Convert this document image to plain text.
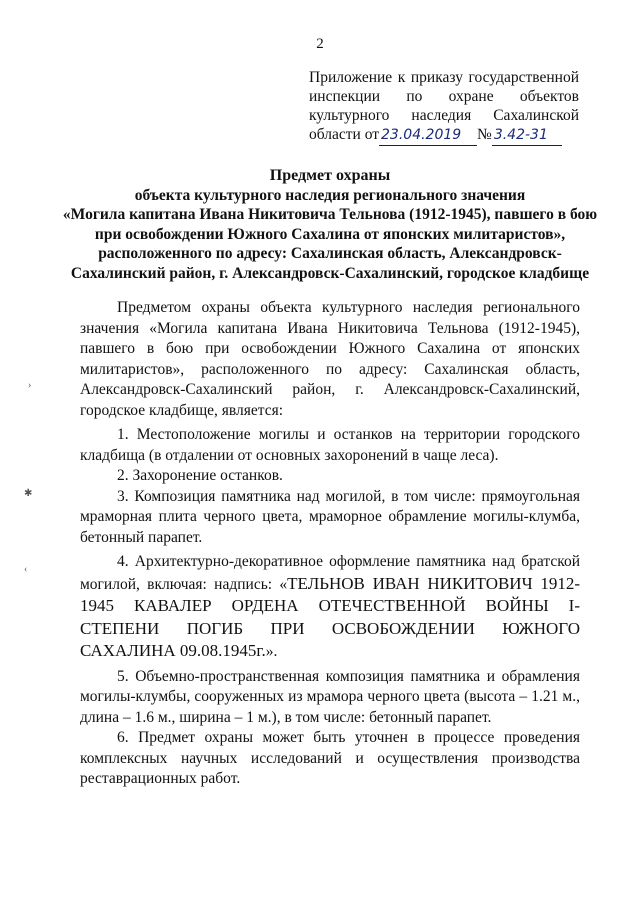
2
Приложение к приказу государственной
инспекции по охране объектов
культурного наследия Сахалинской
области от 23.04.2019 № 3.42-31
Предмет охраны
объекта культурного наследия регионального значения
«Могила капитана Ивана Никитовича Тельнова (1912-1945), павшего в бою при освобождении Южного Сахалина от японских милитаристов», расположенного по адресу: Сахалинская область, Александровск-Сахалинский район, г. Александровск-Сахалинский, городское кладбище

Предметом охраны объекта культурного наследия регионального значения «Могила капитана Ивана Никитовича Тельнова (1912-1945), павшего в бою при освобождении Южного Сахалина от японских милитаристов», расположенного по адресу: Сахалинская область, Александровск-Сахалинский район, г. Александровск-Сахалинский, городское кладбище, является:

1. Местоположение могилы и останков на территории городского кладбища (в отдалении от основных захоронений в чаще леса).

2. Захоронение останков.

3. Композиция памятника над могилой, в том числе: прямоугольная мраморная плита черного цвета, мраморное обрамление могилы-клумба, бетонный парапет.

4. Архитектурно-декоративное оформление памятника над братской могилой, включая: надпись: «ТЕЛЬНОВ ИВАН НИКИТОВИЧ 1912-1945 КАВАЛЕР ОРДЕНА ОТЕЧЕСТВЕННОЙ ВОЙНЫ I-СТЕПЕНИ ПОГИБ ПРИ ОСВОБОЖДЕНИИ ЮЖНОГО САХАЛИНА 09.08.1945г.».

5. Объемно-пространственная композиция памятника и обрамления могилы-клумбы, сооруженных из мрамора черного цвета (высота – 1.21 м., длина – 1.6 м., ширина – 1 м.), в том числе: бетонный парапет.

6. Предмет охраны может быть уточнен в процессе проведения комплексных научных исследований и осуществления производства реставрационных работ.

›
✱
‹
